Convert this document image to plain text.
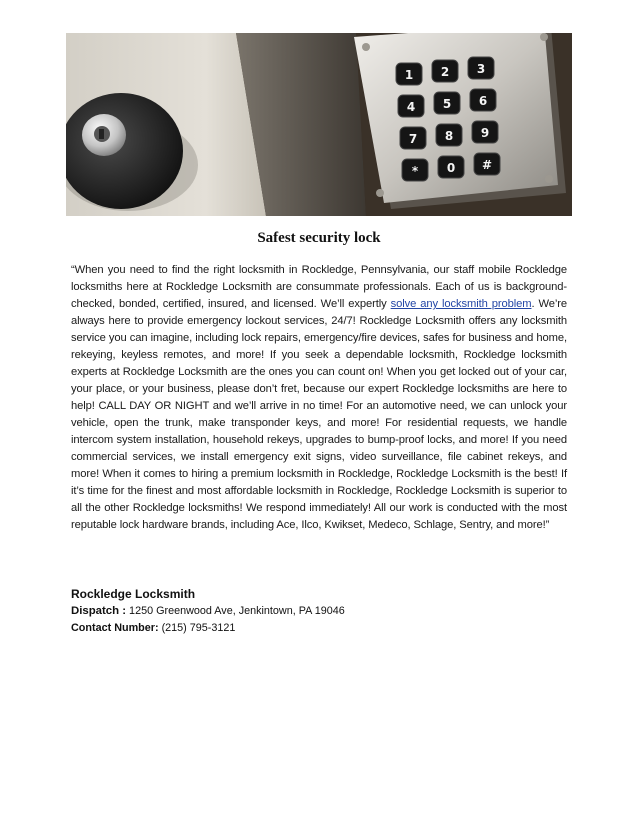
1 2 3
4 5 6
7 8 9
* 0 #
Safest security lock

“When you need to find the right locksmith in Rockledge, Pennsylvania, our staff mobile Rockledge locksmiths here at Rockledge Locksmith are consummate professionals. Each of us is background-checked, bonded, certified, insured, and licensed. We’ll expertly solve any locksmith problem. We’re always here to provide emergency lockout services, 24/7! Rockledge Locksmith offers any locksmith service you can imagine, including lock repairs, emergency/fire devices, safes for business and home, rekeying, keyless remotes, and more! If you seek a dependable locksmith, Rockledge locksmith experts at Rockledge Locksmith are the ones you can count on! When you get locked out of your car, your place, or your business, please don’t fret, because our expert Rockledge locksmiths are here to help! CALL DAY OR NIGHT and we’ll arrive in no time! For an automotive need, we can unlock your vehicle, open the trunk, make transponder keys, and more! For residential requests, we handle intercom system installation, household rekeys, upgrades to bump-proof locks, and more! If you need commercial services, we install emergency exit signs, video surveillance, file cabinet rekeys, and more! When it comes to hiring a premium locksmith in Rockledge, Rockledge Locksmith is the best! If it’s time for the finest and most affordable locksmith in Rockledge, Rockledge Locksmith is superior to all the other Rockledge locksmiths! We respond immediately! All our work is conducted with the most reputable lock hardware brands, including Ace, Ilco, Kwikset, Medeco, Schlage, Sentry, and more!”

Rockledge Locksmith
Dispatch : 1250 Greenwood Ave, Jenkintown, PA 19046
Contact Number: (215) 795-3121
